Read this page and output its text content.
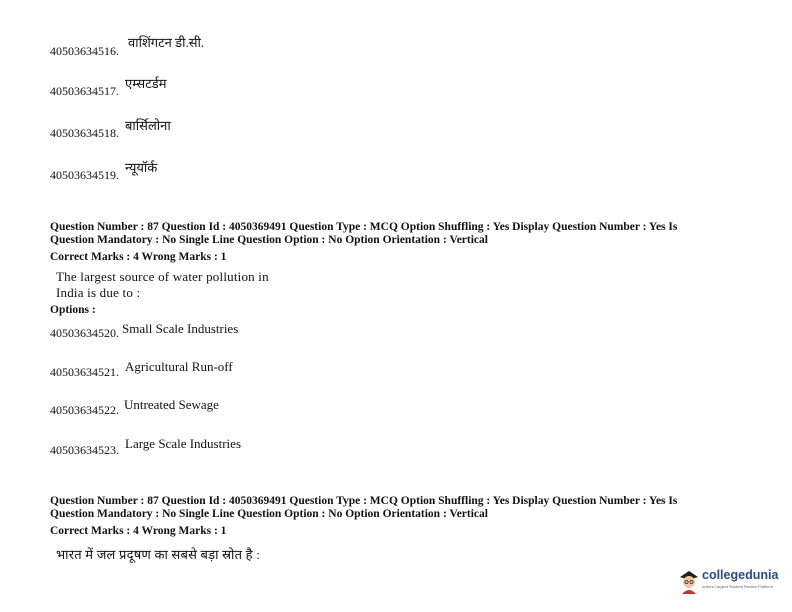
40503634516.
वाशिंगटन डी.सी.
40503634517. एम्सटर्डम
40503634518. बार्सिलोना
40503634519. न्यूयॉर्क
Question Number : 87 Question Id : 4050369491 Question Type : MCQ Option Shuffling : Yes Display Question Number : Yes Is
Question Mandatory : No Single Line Question Option : No Option Orientation : Vertical
Correct Marks : 4 Wrong Marks : 1
The largest source of water pollution in
India is due to :
Options :
40503634520. Small Scale Industries
40503634521. Agricultural Run-off
40503634522. Untreated Sewage
40503634523. Large Scale Industries
Question Number : 87 Question Id : 4050369491 Question Type : MCQ Option Shuffling : Yes Display Question Number : Yes Is
Question Mandatory : No Single Line Question Option : No Option Orientation : Vertical
Correct Marks : 4 Wrong Marks : 1
भारत में जल प्रदूषण का सबसे बड़ा स्रोत है :
collegedunia
India's Largest Student Review Platform
